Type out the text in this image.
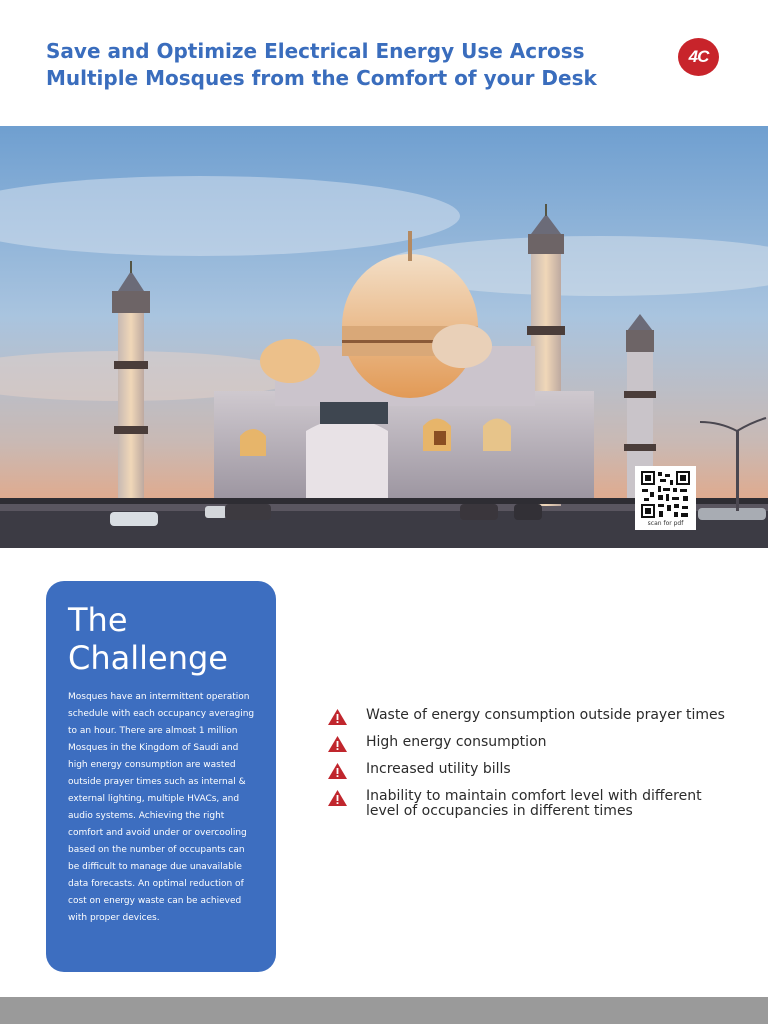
Save and Optimize Electrical Energy Use Across
Multiple Mosques from the Comfort of your Desk
4C
scan for pdf
The
Challenge

Mosques have an intermittent operation schedule with each occupancy averaging to an hour. There are almost 1 million Mosques in the Kingdom of Saudi and high energy consumption are wasted outside prayer times such as internal & external lighting, multiple HVACs, and audio systems. Achieving the right comfort and avoid under or overcooling based on the number of occupants can be difficult to manage due unavailable data forecasts. An optimal reduction of cost on energy waste can be achieved with proper devices.

Waste of energy consumption outside prayer times
High energy consumption
Increased utility bills
Inability to maintain comfort level with different level of occupancies in different times
